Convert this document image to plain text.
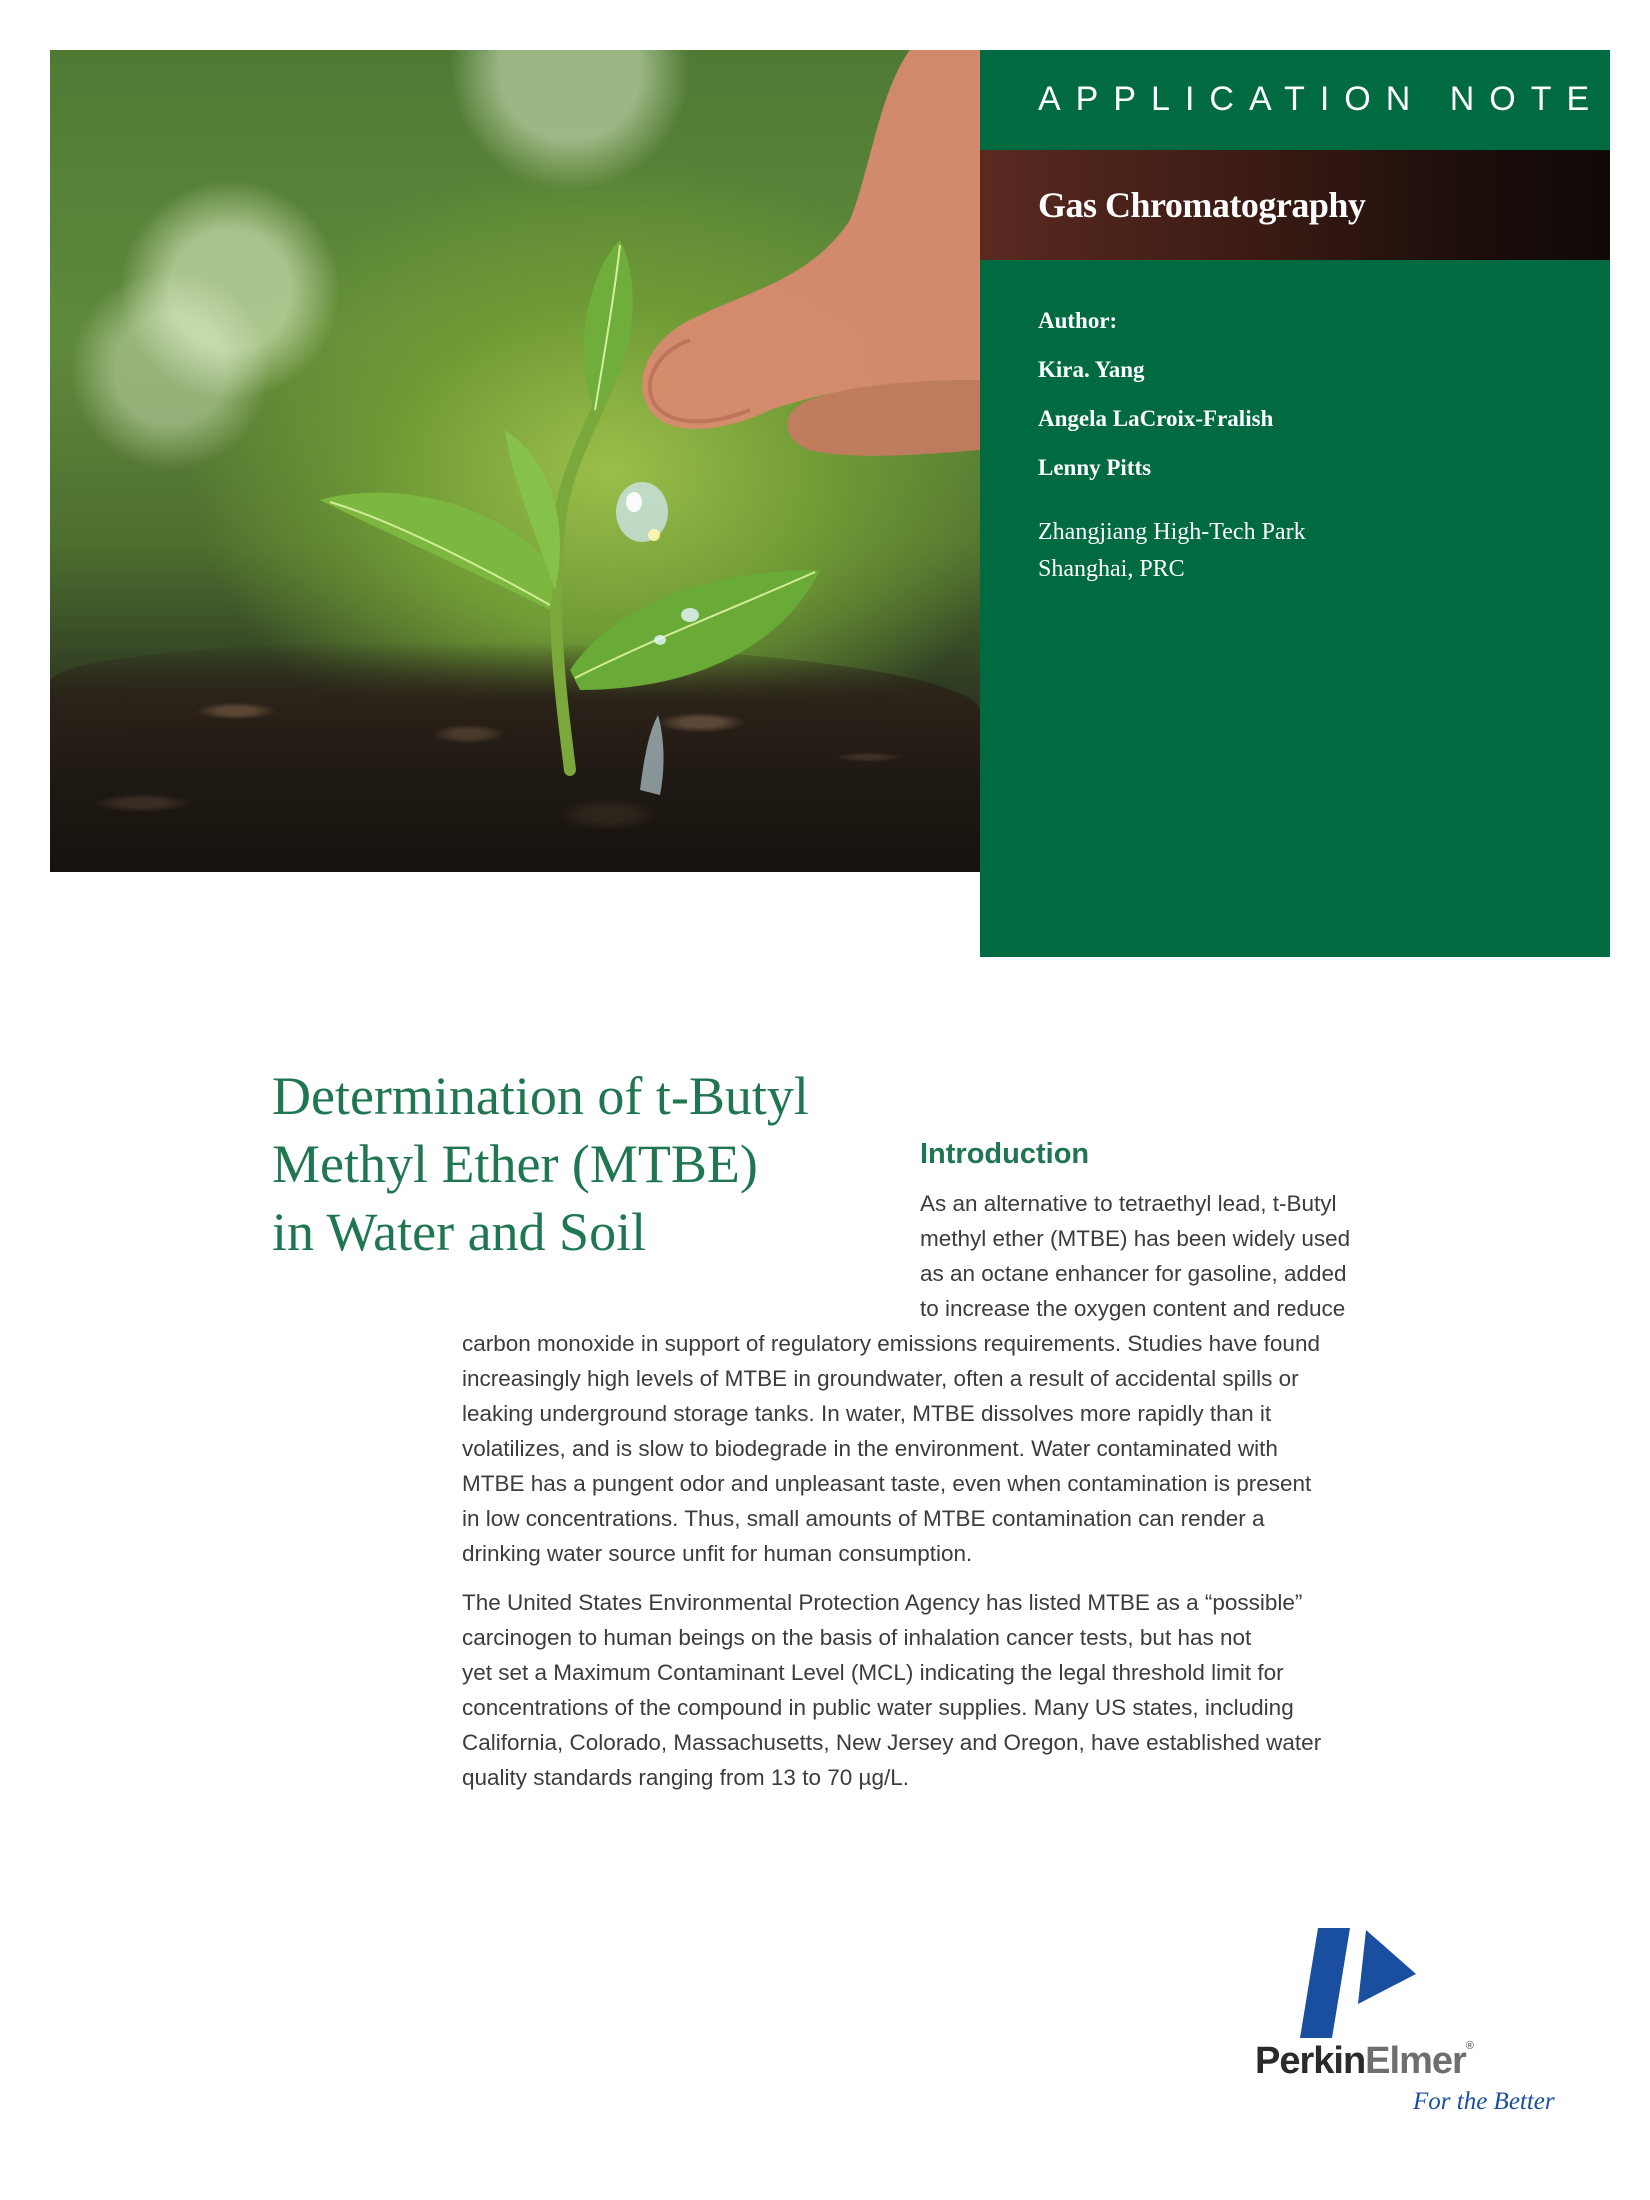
APPLICATION NOTE
Gas Chromatography
Author:
Kira. Yang
Angela LaCroix-Fralish
Lenny Pitts
Zhangjiang High-Tech Park
Shanghai, PRC
Determination of t-Butyl
Methyl Ether (MTBE)
in Water and Soil
Introduction
As an alternative to tetraethyl lead, t-Butyl
methyl ether (MTBE) has been widely used
as an octane enhancer for gasoline, added
to increase the oxygen content and reduce
carbon monoxide in support of regulatory emissions requirements. Studies have found
increasingly high levels of MTBE in groundwater, often a result of accidental spills or
leaking underground storage tanks. In water, MTBE dissolves more rapidly than it
volatilizes, and is slow to biodegrade in the environment. Water contaminated with
MTBE has a pungent odor and unpleasant taste, even when contamination is present
in low concentrations. Thus, small amounts of MTBE contamination can render a
drinking water source unfit for human consumption.
The United States Environmental Protection Agency has listed MTBE as a “possible”
carcinogen to human beings on the basis of inhalation cancer tests, but has not
yet set a Maximum Contaminant Level (MCL) indicating the legal threshold limit for
concentrations of the compound in public water supplies. Many US states, including
California, Colorado, Massachusetts, New Jersey and Oregon, have established water
quality standards ranging from 13 to 70 µg/L.
PerkinElmer®
For the Better
